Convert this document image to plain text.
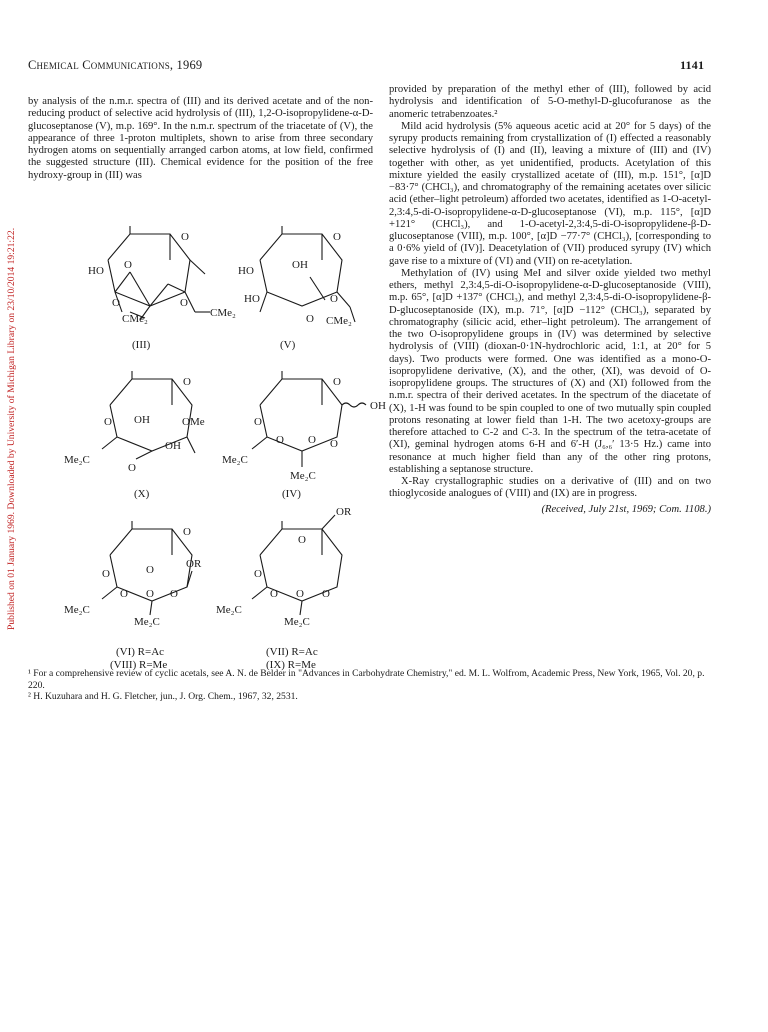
Published on 01 January 1969. Downloaded by University of Michigan Library on 23/10/2014 19:21:22.
Chemical Communications, 1969	1141

by analysis of the n.m.r. spectra of (III) and its derived acetate and of the non-reducing product of selective acid hydrolysis of (III), 1,2-O-isopropylidene-α-D-glucoseptanose (V), m.p. 169°. In the n.m.r. spectrum of the triacetate of (V), the appearance of three 1-proton multiplets, shown to arise from three secondary hydrogen atoms on sequentially arranged carbon atoms, at low field, confirmed the suggested structure (III). Chemical evidence for the position of the free hydroxy-group in (III) was

O
HO O
O	O
CMe₂	CMe₂
(III)
O
HO	OH
HO	O
O CMe₂
(V)
O
OH	OMe
OH
O
O
Me₂C
(X)
O
OH
O
O O O
Me₂C
Me₂C
(IV)
O
O	OR
O
O O O
Me₂C
Me₂C
(VI) R=Ac
(VIII) R=Me
O
OR
O
O O O
Me₂C
Me₂C
(VII) R=Ac
(IX) R=Me

provided by preparation of the methyl ether of (III), followed by acid hydrolysis and identification of 5-O-methyl-D-glucofuranose as the anomeric tetrabenzoates.²

Mild acid hydrolysis (5% aqueous acetic acid at 20° for 5 days) of the syrupy products remaining from crystallization of (I) effected a reasonably selective hydrolysis of (I) and (II), leaving a mixture of (III) and (IV) together with other, as yet unidentified, products. Acetylation of this mixture yielded the easily crystallized acetate of (III), m.p. 151°, [α]D −83·7° (CHCl₃), and chromatography of the remaining acetates over silicic acid (ether–light petroleum) afforded two acetates, identified as 1-O-acetyl-2,3:4,5-di-O-isopropylidene-α-D-glucoseptanose (VI), m.p. 115°, [α]D +121° (CHCl₃), and 1-O-acetyl-2,3:4,5-di-O-isopropylidene-β-D-glucoseptanose (VIII), m.p. 100°, [α]D −77·7° (CHCl₃), [corresponding to a 0·6% yield of (IV)]. Deacetylation of (VII) produced syrupy (IV) which gave rise to a mixture of (VI) and (VII) on re-acetylation.

Methylation of (IV) using MeI and silver oxide yielded two methyl ethers, methyl 2,3:4,5-di-O-isopropylidene-α-D-glucoseptanoside (VIII), m.p. 65°, [α]D +137° (CHCl₃), and methyl 2,3:4,5-di-O-isopropylidene-β-D-glucoseptanoside (IX), m.p. 71°, [α]D −112° (CHCl₃), separated by chromatography (silicic acid, ether–light petroleum). The arrangement of the two O-isopropylidene groups in (IV) was determined by selective hydrolysis of (VIII) (dioxan-0·1N-hydrochloric acid, 1:1, at 20° for 5 days). Two products were formed. One was identified as a mono-O-isopropylidene derivative, (X), and the other, (XI), was devoid of O-isopropylidene groups. The structures of (X) and (XI) followed from the n.m.r. spectra of their derived acetates. In the spectrum of the diacetate of (X), 1-H was found to be spin coupled to one of two mutually spin coupled protons resonating at lower field than 1-H. The two acetoxy-groups are therefore attached to C-2 and C-3. In the spectrum of the tetra-acetate of (XI), geminal hydrogen atoms 6-H and 6′-H (J₆,₆′ 13·5 Hz.) came into resonance at much higher field than any of the other ring protons, establishing a septanose structure.

X-Ray crystallographic studies on a derivative of (III) and on two thioglycoside analogues of (VIII) and (IX) are in progress.

(Received, July 21st, 1969; Com. 1108.)
¹ For a comprehensive review of cyclic acetals, see A. N. de Belder in "Advances in Carbohydrate Chemistry," ed. M. L. Wolfrom, Academic Press, New York, 1965, Vol. 20, p. 220.
² H. Kuzuhara and H. G. Fletcher, jun., J. Org. Chem., 1967, 32, 2531.
